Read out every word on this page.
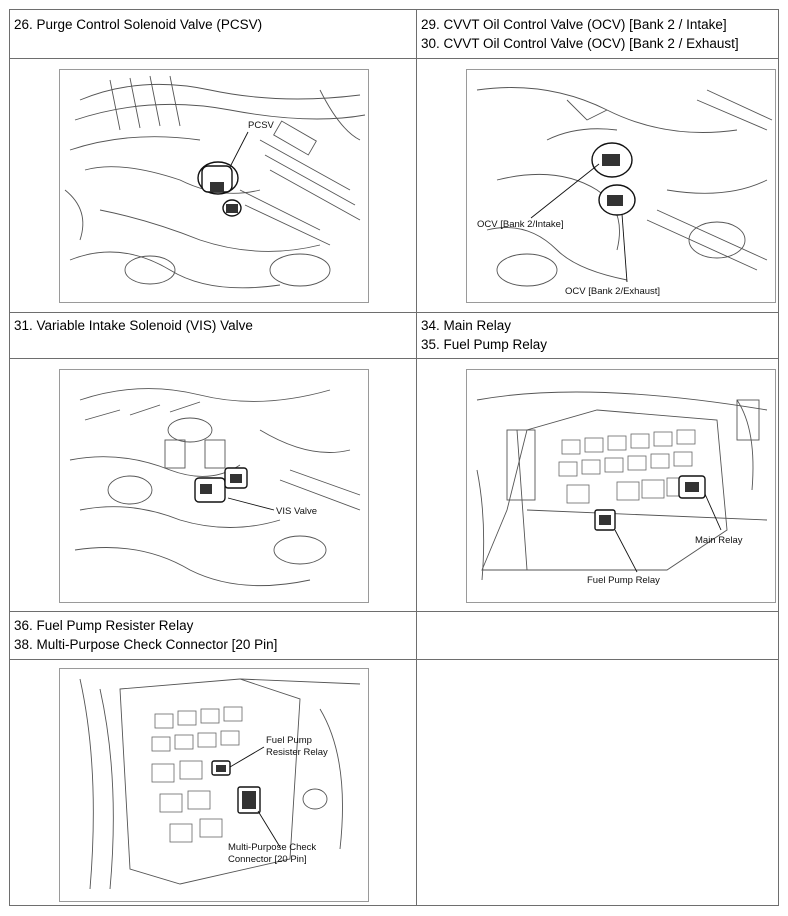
26. Purge Control Solenoid Valve (PCSV)	29. CVVT Oil Control Valve (OCV) [Bank 2 / Intake]
30. CVVT Oil Control Valve (OCV) [Bank 2 / Exhaust]
31. Variable Intake Solenoid (VIS) Valve	34. Main Relay
35. Fuel Pump Relay
36. Fuel Pump Resister Relay
38. Multi-Purpose Check Connector [20 Pin]
PCSV
OCV [Bank 2/Intake]
OCV [Bank 2/Exhaust]
VIS Valve
Main Relay
Fuel Pump Relay
Fuel Pump
Resister Relay
Multi-Purpose Check
Connector [20 Pin]
